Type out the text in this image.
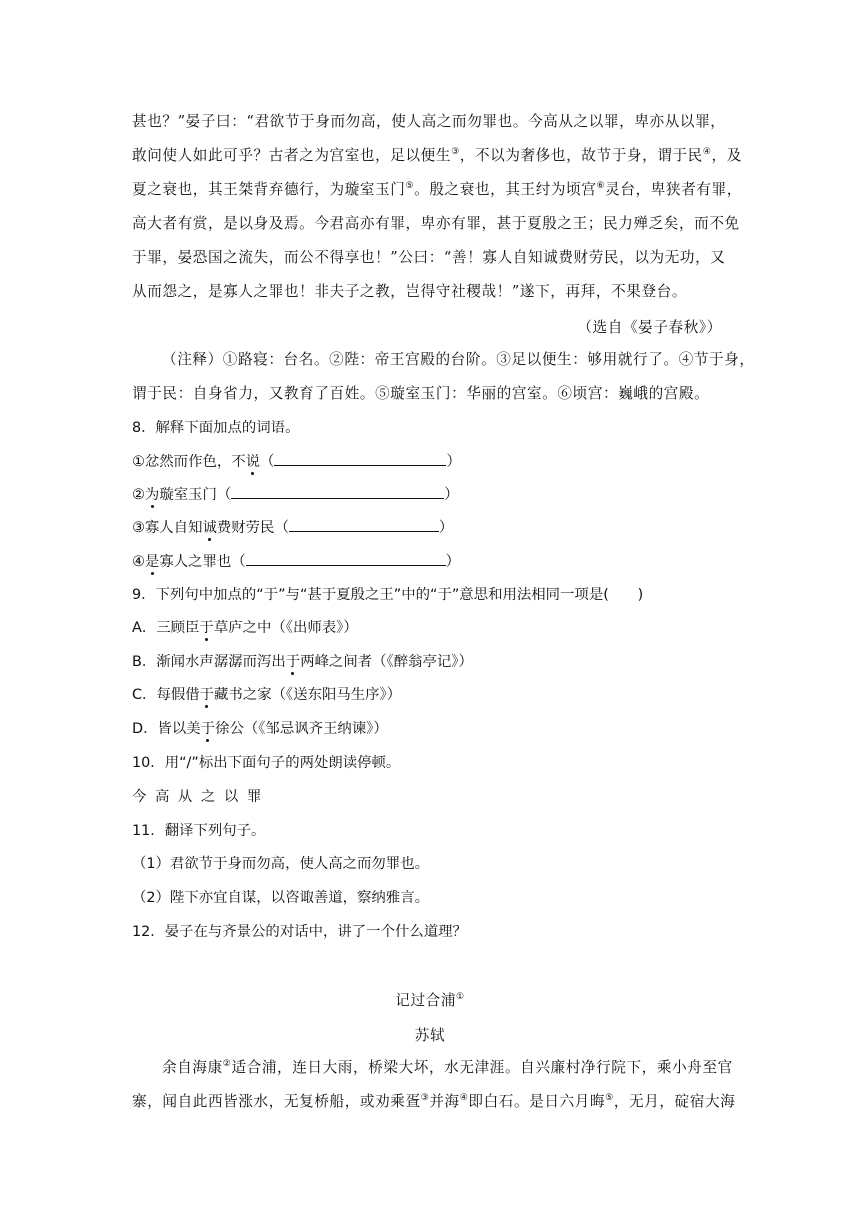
甚也？”晏子曰：“君欲节于身而勿高，使人高之而勿罪也。今高从之以罪，卑亦从以罪，
敢问使人如此可乎？古者之为宫室也，足以便生③，不以为奢侈也，故节于身，谓于民④，及
夏之衰也，其王桀背弃德行，为璇室玉门⑤。殷之衰也，其王纣为顷宫⑥灵台，卑狭者有罪，
高大者有赏，是以身及焉。今君高亦有罪，卑亦有罪，甚于夏殷之王；民力殚乏矣，而不免
于罪，晏恐国之流失，而公不得享也！”公曰：“善！寡人自知诚费财劳民，以为无功，又
从而怨之，是寡人之罪也！非夫子之教，岂得守社稷哉！”遂下，再拜，不果登台。
（选自《晏子春秋》）
（注释）①路寝：台名。②陛：帝王宫殿的台阶。③足以便生：够用就行了。④节于身，
谓于民：自身省力，又教育了百姓。⑤璇室玉门：华丽的宫室。⑥顷宫：巍峨的宫殿。
8．解释下面加点的词语。
①忿然而作色，不说（	）
②为璇室玉门（	）
③寡人自知诚费财劳民（	）
④是寡人之罪也（	）
9．下列句中加点的“于”与“甚于夏殷之王”中的“于”意思和用法相同一项是(　　)
A．三顾臣于草庐之中（《出师表》）
B．渐闻水声潺潺而泻出于两峰之间者（《醉翁亭记》）
C．每假借于藏书之家（《送东阳马生序》）
D．皆以美于徐公（《邹忌讽齐王纳谏》）
10．用“/”标出下面句子的两处朗读停顿。
今 高 从 之 以 罪
11．翻译下列句子。
（1）君欲节于身而勿高，使人高之而勿罪也。
（2）陛下亦宜自谋，以咨诹善道，察纳雅言。
12．晏子在与齐景公的对话中，讲了一个什么道理？
记过合浦①
苏轼
余自海康②适合浦，连日大雨，桥梁大坏，水无津涯。自兴廉村净行院下，乘小舟至官
寨，闻自此西皆涨水，无复桥船，或劝乘疍③并海④即白石。是日六月晦⑤，无月，碇宿大海
